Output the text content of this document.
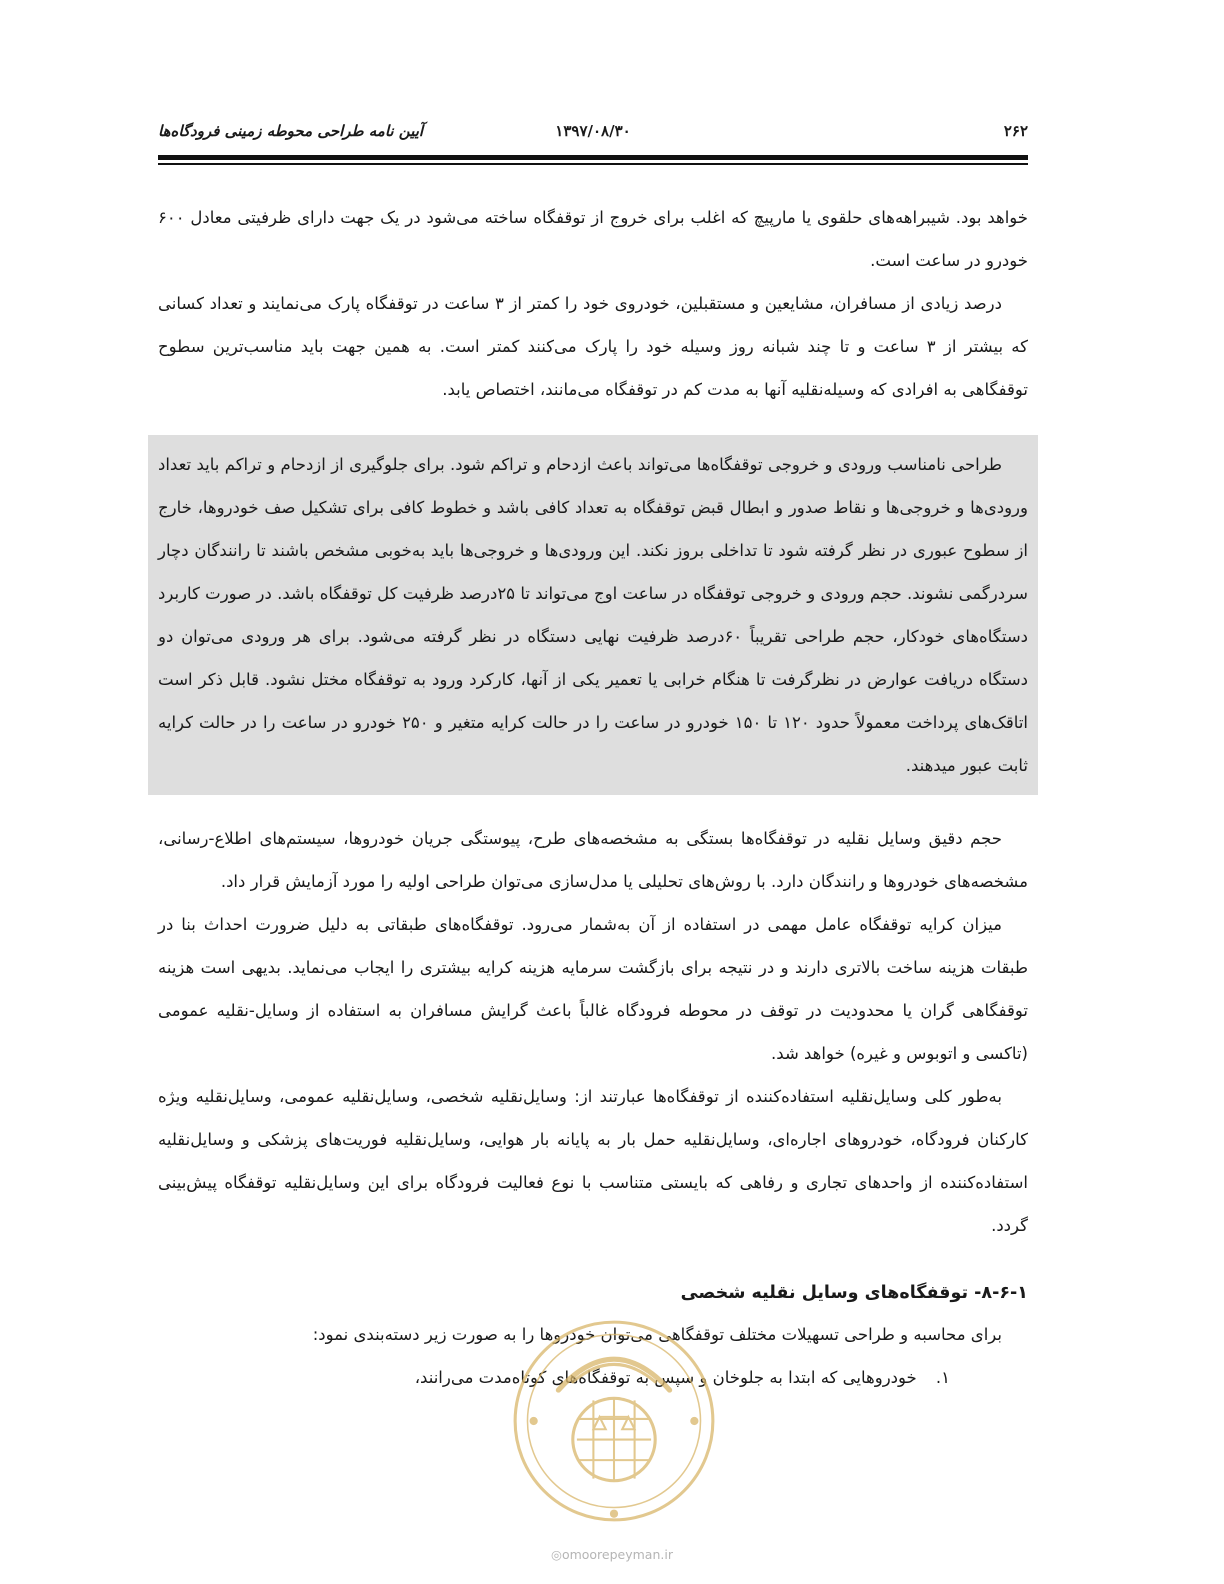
۲۶۲
۱۳۹۷/۰۸/۳۰
آیین نامه طراحی محوطه زمینی فرودگاه‌ها

خواهد بود. شیبراهه‌های حلقوی یا مارپیچ که اغلب برای خروج از توقفگاه ساخته می‌شود در یک جهت دارای ظرفیتی معادل ۶۰۰ خودرو در ساعت است.

درصد زیادی از مسافران، مشایعین و مستقبلین، خودروی خود را کمتر از ۳ ساعت در توقفگاه پارک می‌نمایند و تعداد کسانی که بیشتر از ۳ ساعت و تا چند شبانه روز وسیله خود را پارک می‌کنند کمتر است. به همین جهت باید مناسب‌ترین سطوح توقفگاهی به افرادی که وسیله‌نقلیه آنها به مدت کم در توقفگاه می‌مانند، اختصاص یابد.

طراحی نامناسب ورودی و خروجی توقفگاه‌ها می‌تواند باعث ازدحام و تراکم شود. برای جلوگیری از ازدحام و تراکم باید تعداد ورودی‌ها و خروجی‌ها و نقاط صدور و ابطال قبض توقفگاه به تعداد کافی باشد و خطوط کافی برای تشکیل صف خودروها، خارج از سطوح عبوری در نظر گرفته شود تا تداخلی بروز نکند. این ورودی‌ها و خروجی‌ها باید به‌خوبی مشخص باشند تا رانندگان دچار سردرگمی نشوند. حجم ورودی و خروجی توقفگاه در ساعت اوج می‌تواند تا ۲۵درصد ظرفیت کل توقفگاه باشد. در صورت کاربرد دستگاه‌های خودکار، حجم طراحی تقریباً ۶۰درصد ظرفیت نهایی دستگاه در نظر گرفته می‌شود. برای هر ورودی می‌توان دو دستگاه دریافت عوارض در نظرگرفت تا هنگام خرابی یا تعمیر یکی از آنها، کارکرد ورود به توقفگاه مختل نشود. قابل ذکر است اتاقک‌های پرداخت معمولاً حدود ۱۲۰ تا ۱۵۰ خودرو در ساعت را در حالت کرایه متغیر و ۲۵۰ خودرو در ساعت را در حالت کرایه ثابت عبور میدهند.

حجم دقیق وسایل نقلیه در توقفگاه‌ها بستگی به مشخصه‌های طرح، پیوستگی جریان خودروها، سیستم‌های اطلاع-رسانی، مشخصه‌های خودروها و رانندگان دارد. با روش‌های تحلیلی یا مدل‌سازی می‌توان طراحی اولیه را مورد آزمایش قرار داد.

میزان کرایه توقفگاه عامل مهمی در استفاده از آن به‌شمار می‌رود. توقفگاه‌های طبقاتی به دلیل ضرورت احداث بنا در طبقات هزینه ساخت بالاتری دارند و در نتیجه برای بازگشت سرمایه هزینه کرایه بیشتری را ایجاب می‌نماید. بدیهی است هزینه توقفگاهی گران یا محدودیت در توقف در محوطه فرودگاه غالباً باعث گرایش مسافران به استفاده از وسایل-نقلیه عمومی (تاکسی و اتوبوس و غیره) خواهد شد.

به‌طور کلی وسایل‌نقلیه استفاده‌کننده از توقفگاه‌ها عبارتند از: وسایل‌نقلیه شخصی، وسایل‌نقلیه عمومی، وسایل‌نقلیه ویژه کارکنان فرودگاه، خودروهای اجاره‌ای، وسایل‌نقلیه حمل بار به پایانه بار هوایی، وسایل‌نقلیه فوریت‌های پزشکی و وسایل‌نقلیه استفاده‌کننده از واحدهای تجاری و رفاهی که بایستی متناسب با نوع فعالیت فرودگاه برای این وسایل‌نقلیه توقفگاه پیش‌بینی گردد.

۸-۶-۱- توقفگاه‌های وسایل نقلیه شخصی

برای محاسبه و طراحی تسهیلات مختلف توقفگاهی می‌توان خودروها را به صورت زیر دسته‌بندی نمود:

۱. خودروهایی که ابتدا به جلوخان و سپس به توقفگاه‌های کوتاه‌مدت می‌رانند،

◎omoorepeyman.ir
